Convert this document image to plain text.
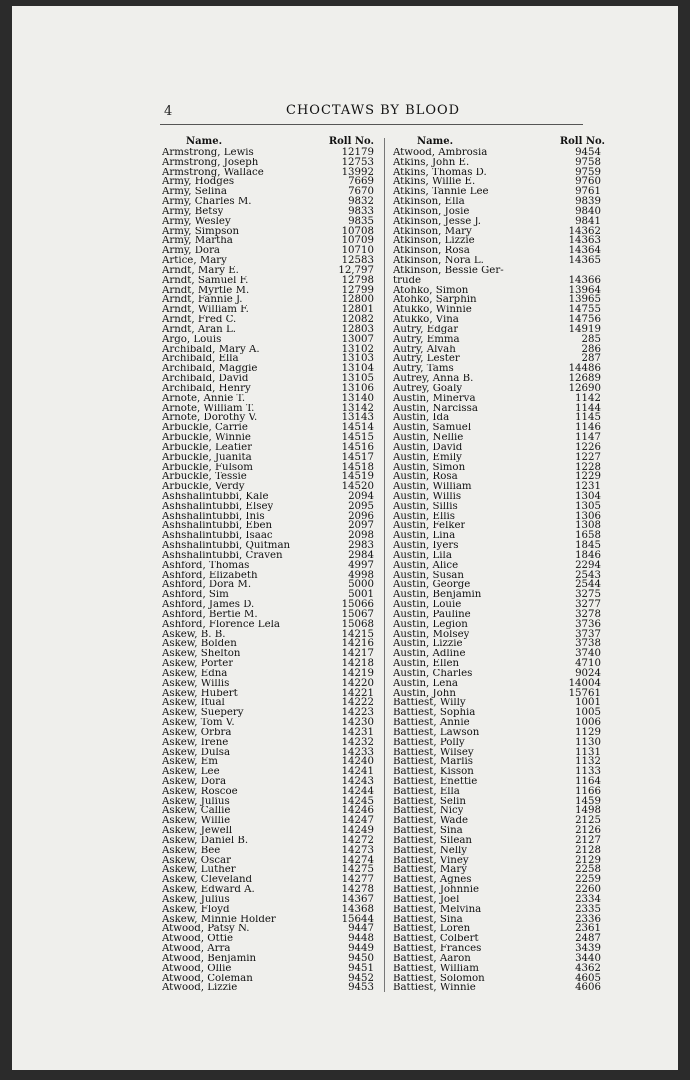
4	CHOCTAWS BY BLOOD
Name.	Roll No.
Armstrong, Lewis	12179
Armstrong, Joseph	12753
Armstrong, Wallace	13992
Army, Hodges	7669
Army, Selina	7670
Army, Charles M.	9832
Army, Betsy	9833
Army, Wesley	9835
Army, Simpson	10708
Army, Martha	10709
Army, Dora	10710
Artice, Mary	12583
Arndt, Mary E.	12,797
Arndt, Samuel F.	12798
Arndt, Myrtle M.	12799
Arndt, Fannie J.	12800
Arndt, William F.	12801
Arndt, Fred C.	12082
Arndt, Aran L.	12803
Argo, Louis	13007
Archibald, Mary A.	13102
Archibald, Ella	13103
Archibald, Maggie	13104
Archibald, David	13105
Archibald, Henry	13106
Arnote, Annie T.	13140
Arnote, William T.	13142
Arnote, Dorothy V.	13143
Arbuckle, Carrie	14514
Arbuckle, Winnie	14515
Arbuckle, Leatier	14516
Arbuckle, Juanita	14517
Arbuckle, Fulsom	14518
Arbuckle, Tessie	14519
Arbuckle, Verdy	14520
Ashshalintubbi, Kale	2094
Ashshalintubbi, Elsey	2095
Ashshalintubbi, Inis	2096
Ashshalintubbi, Eben	2097
Ashshalintubbi, Isaac	2098
Ashshalintubbi, Quitman	2983
Ashshalintubbi, Craven	2984
Ashford, Thomas	4997
Ashford, Elizabeth	4998
Ashford, Dora M.	5000
Ashford, Sim	5001
Ashford, James D.	15066
Ashford, Bertie M.	15067
Ashford, Florence Lela	15068
Askew, B. B.	14215
Askew, Bolden	14216
Askew, Shelton	14217
Askew, Porter	14218
Askew, Edna	14219
Askew, Willis	14220
Askew, Hubert	14221
Askew, Itual	14222
Askew, Suepery	14223
Askew, Tom V.	14230
Askew, Orbra	14231
Askew, Irene	14232
Askew, Dulsa	14233
Askew, Em	14240
Askew, Lee	14241
Askew, Dora	14243
Askew, Roscoe	14244
Askew, Julius	14245
Askew, Callie	14246
Askew, Willie	14247
Askew, Jewell	14249
Askew, Daniel B.	14272
Askew, Bee	14273
Askew, Oscar	14274
Askew, Luther	14275
Askew, Cleveland	14277
Askew, Edward A.	14278
Askew, Julius	14367
Askew, Floyd	14368
Askew, Minnie Holder	15644
Atwood, Patsy N.	9447
Atwood, Ottie	9448
Atwood, Arra	9449
Atwood, Benjamin	9450
Atwood, Ollie	9451
Atwood, Coleman	9452
Atwood, Lizzie	9453
Name.	Roll No.
Atwood, Ambrosia	9454
Atkins, John E.	9758
Atkins, Thomas D.	9759
Atkins, Willie E.	9760
Atkins, Tannie Lee	9761
Atkinson, Ella	9839
Atkinson, Josie	9840
Atkinson, Jesse J.	9841
Atkinson, Mary	14362
Atkinson, Lizzie	14363
Atkinson, Rosa	14364
Atkinson, Nora L.	14365
Atkinson, Bessie Ger-
trude	14366
Atohko, Simon	13964
Atohko, Sarphin	13965
Atukko, Winnie	14755
Atukko, Vina	14756
Autry, Edgar	14919
Autry, Emma	285
Autry, Alvah	286
Autry, Lester	287
Autry, Tams	14486
Autrey, Anna B.	12689
Autrey, Goaly	12690
Austin, Minerva	1142
Austin, Narcissa	1144
Austin, Ida	1145
Austin, Samuel	1146
Austin, Nellie	1147
Austin, David	1226
Austin, Emily	1227
Austin, Simon	1228
Austin, Rosa	1229
Austin, William	1231
Austin, Willis	1304
Austin, Sillis	1305
Austin, Ellis	1306
Austin, Felker	1308
Austin, Lina	1658
Austin, Iyers	1845
Austin, Lila	1846
Austin, Alice	2294
Austin, Susan	2543
Austin, George	2544
Austin, Benjamin	3275
Austin, Louie	3277
Austin, Pauline	3278
Austin, Legion	3736
Austin, Molsey	3737
Austin, Lizzie	3738
Austin, Adline	3740
Austin, Ellen	4710
Austin, Charles	9024
Austin, Lena	14004
Austin, John	15761
Battiest, Willy	1001
Battiest, Sophia	1005
Battiest, Annie	1006
Battiest, Lawson	1129
Battiest, Polly	1130
Battiest, Wilsey	1131
Battiest, Marlis	1132
Battiest, Kisson	1133
Battiest, Enettie	1164
Battiest, Ella	1166
Battiest, Selin	1459
Battiest, Nicy	1498
Battiest, Wade	2125
Battiest, Sina	2126
Battiest, Silean	2127
Battiest, Nelly	2128
Battiest, Viney	2129
Battiest, Mary	2258
Battiest, Agnes	2259
Battiest, Johnnie	2260
Battiest, Joel	2334
Battiest, Melvina	2335
Battiest, Sina	2336
Battiest, Loren	2361
Battiest, Colbert	2487
Battiest, Frances	3439
Battiest, Aaron	3440
Battiest, William	4362
Battiest, Solomon	4605
Battiest, Winnie	4606
